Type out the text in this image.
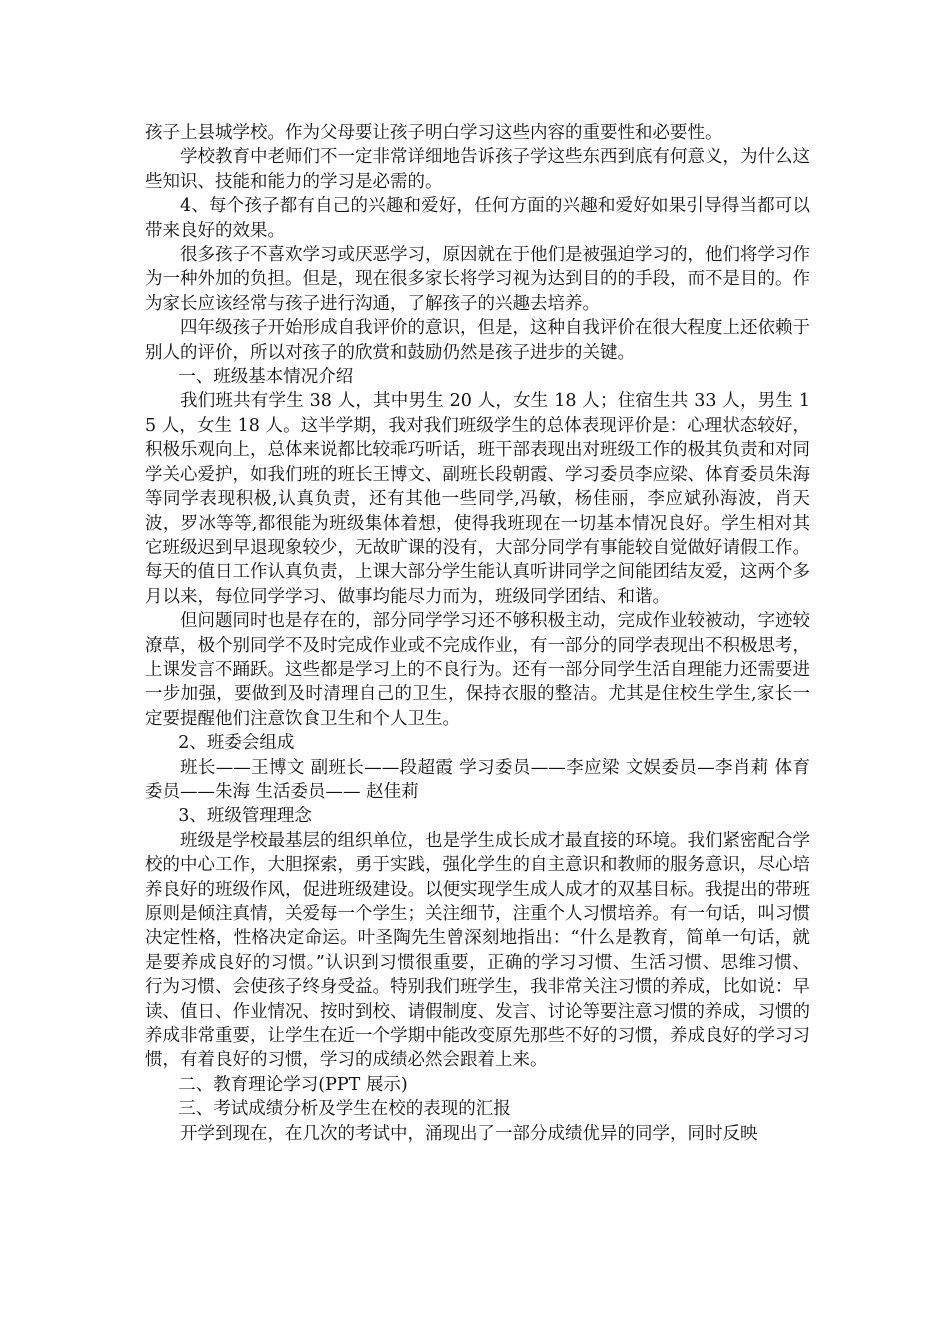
孩子上县城学校。作为父母要让孩子明白学习这些内容的重要性和必要性。

学校教育中老师们不一定非常详细地告诉孩子学这些东西到底有何意义，为什么这些知识、技能和能力的学习是必需的。

4、每个孩子都有自己的兴趣和爱好，任何方面的兴趣和爱好如果引导得当都可以带来良好的效果。

很多孩子不喜欢学习或厌恶学习，原因就在于他们是被强迫学习的，他们将学习作为一种外加的负担。但是，现在很多家长将学习视为达到目的的手段，而不是目的。作为家长应该经常与孩子进行沟通，了解孩子的兴趣去培养。

四年级孩子开始形成自我评价的意识，但是，这种自我评价在很大程度上还依赖于别人的评价，所以对孩子的欣赏和鼓励仍然是孩子进步的关键。

一、班级基本情况介绍

我们班共有学生 38 人，其中男生 20 人，女生 18 人；住宿生共 33 人，男生 15 人，女生 18 人。这半学期，我对我们班级学生的总体表现评价是：心理状态较好，积极乐观向上，总体来说都比较乖巧听话，班干部表现出对班级工作的极其负责和对同学关心爱护，如我们班的班长王博文、副班长段朝霞、学习委员李应梁、体育委员朱海等同学表现积极,认真负责，还有其他一些同学,冯敏，杨佳丽，李应斌孙海波，肖天波，罗冰等等,都很能为班级集体着想，使得我班现在一切基本情况良好。学生相对其它班级迟到早退现象较少，无故旷课的没有，大部分同学有事能较自觉做好请假工作。每天的值日工作认真负责，上课大部分学生能认真听讲同学之间能团结友爱，这两个多月以来，每位同学学习、做事均能尽力而为，班级同学团结、和谐。

但问题同时也是存在的，部分同学学习还不够积极主动，完成作业较被动，字迹较潦草，极个别同学不及时完成作业或不完成作业，有一部分的同学表现出不积极思考，上课发言不踊跃。这些都是学习上的不良行为。还有一部分同学生活自理能力还需要进一步加强，要做到及时清理自己的卫生，保持衣服的整洁。尤其是住校生学生,家长一定要提醒他们注意饮食卫生和个人卫生。

2、班委会组成

班长——王博文 副班长——段超霞 学习委员——李应梁 文娱委员—李肖莉 体育委员——朱海 生活委员—— 赵佳莉

3、班级管理理念

班级是学校最基层的组织单位，也是学生成长成才最直接的环境。我们紧密配合学校的中心工作，大胆探索，勇于实践，强化学生的自主意识和教师的服务意识，尽心培养良好的班级作风，促进班级建设。以便实现学生成人成才的双基目标。我提出的带班原则是倾注真情，关爱每一个学生；关注细节，注重个人习惯培养。有一句话，叫习惯决定性格，性格决定命运。叶圣陶先生曾深刻地指出：“什么是教育，简单一句话，就是要养成良好的习惯。”认识到习惯很重要，正确的学习习惯、生活习惯、思维习惯、行为习惯、会使孩子终身受益。特别我们班学生，我非常关注习惯的养成，比如说：早读、值日、作业情况、按时到校、请假制度、发言、讨论等要注意习惯的养成，习惯的养成非常重要，让学生在近一个学期中能改变原先那些不好的习惯，养成良好的学习习惯，有着良好的习惯，学习的成绩必然会跟着上来。

二、教育理论学习(PPT 展示)

三、考试成绩分析及学生在校的表现的汇报

开学到现在，在几次的考试中，涌现出了一部分成绩优异的同学，同时反映
